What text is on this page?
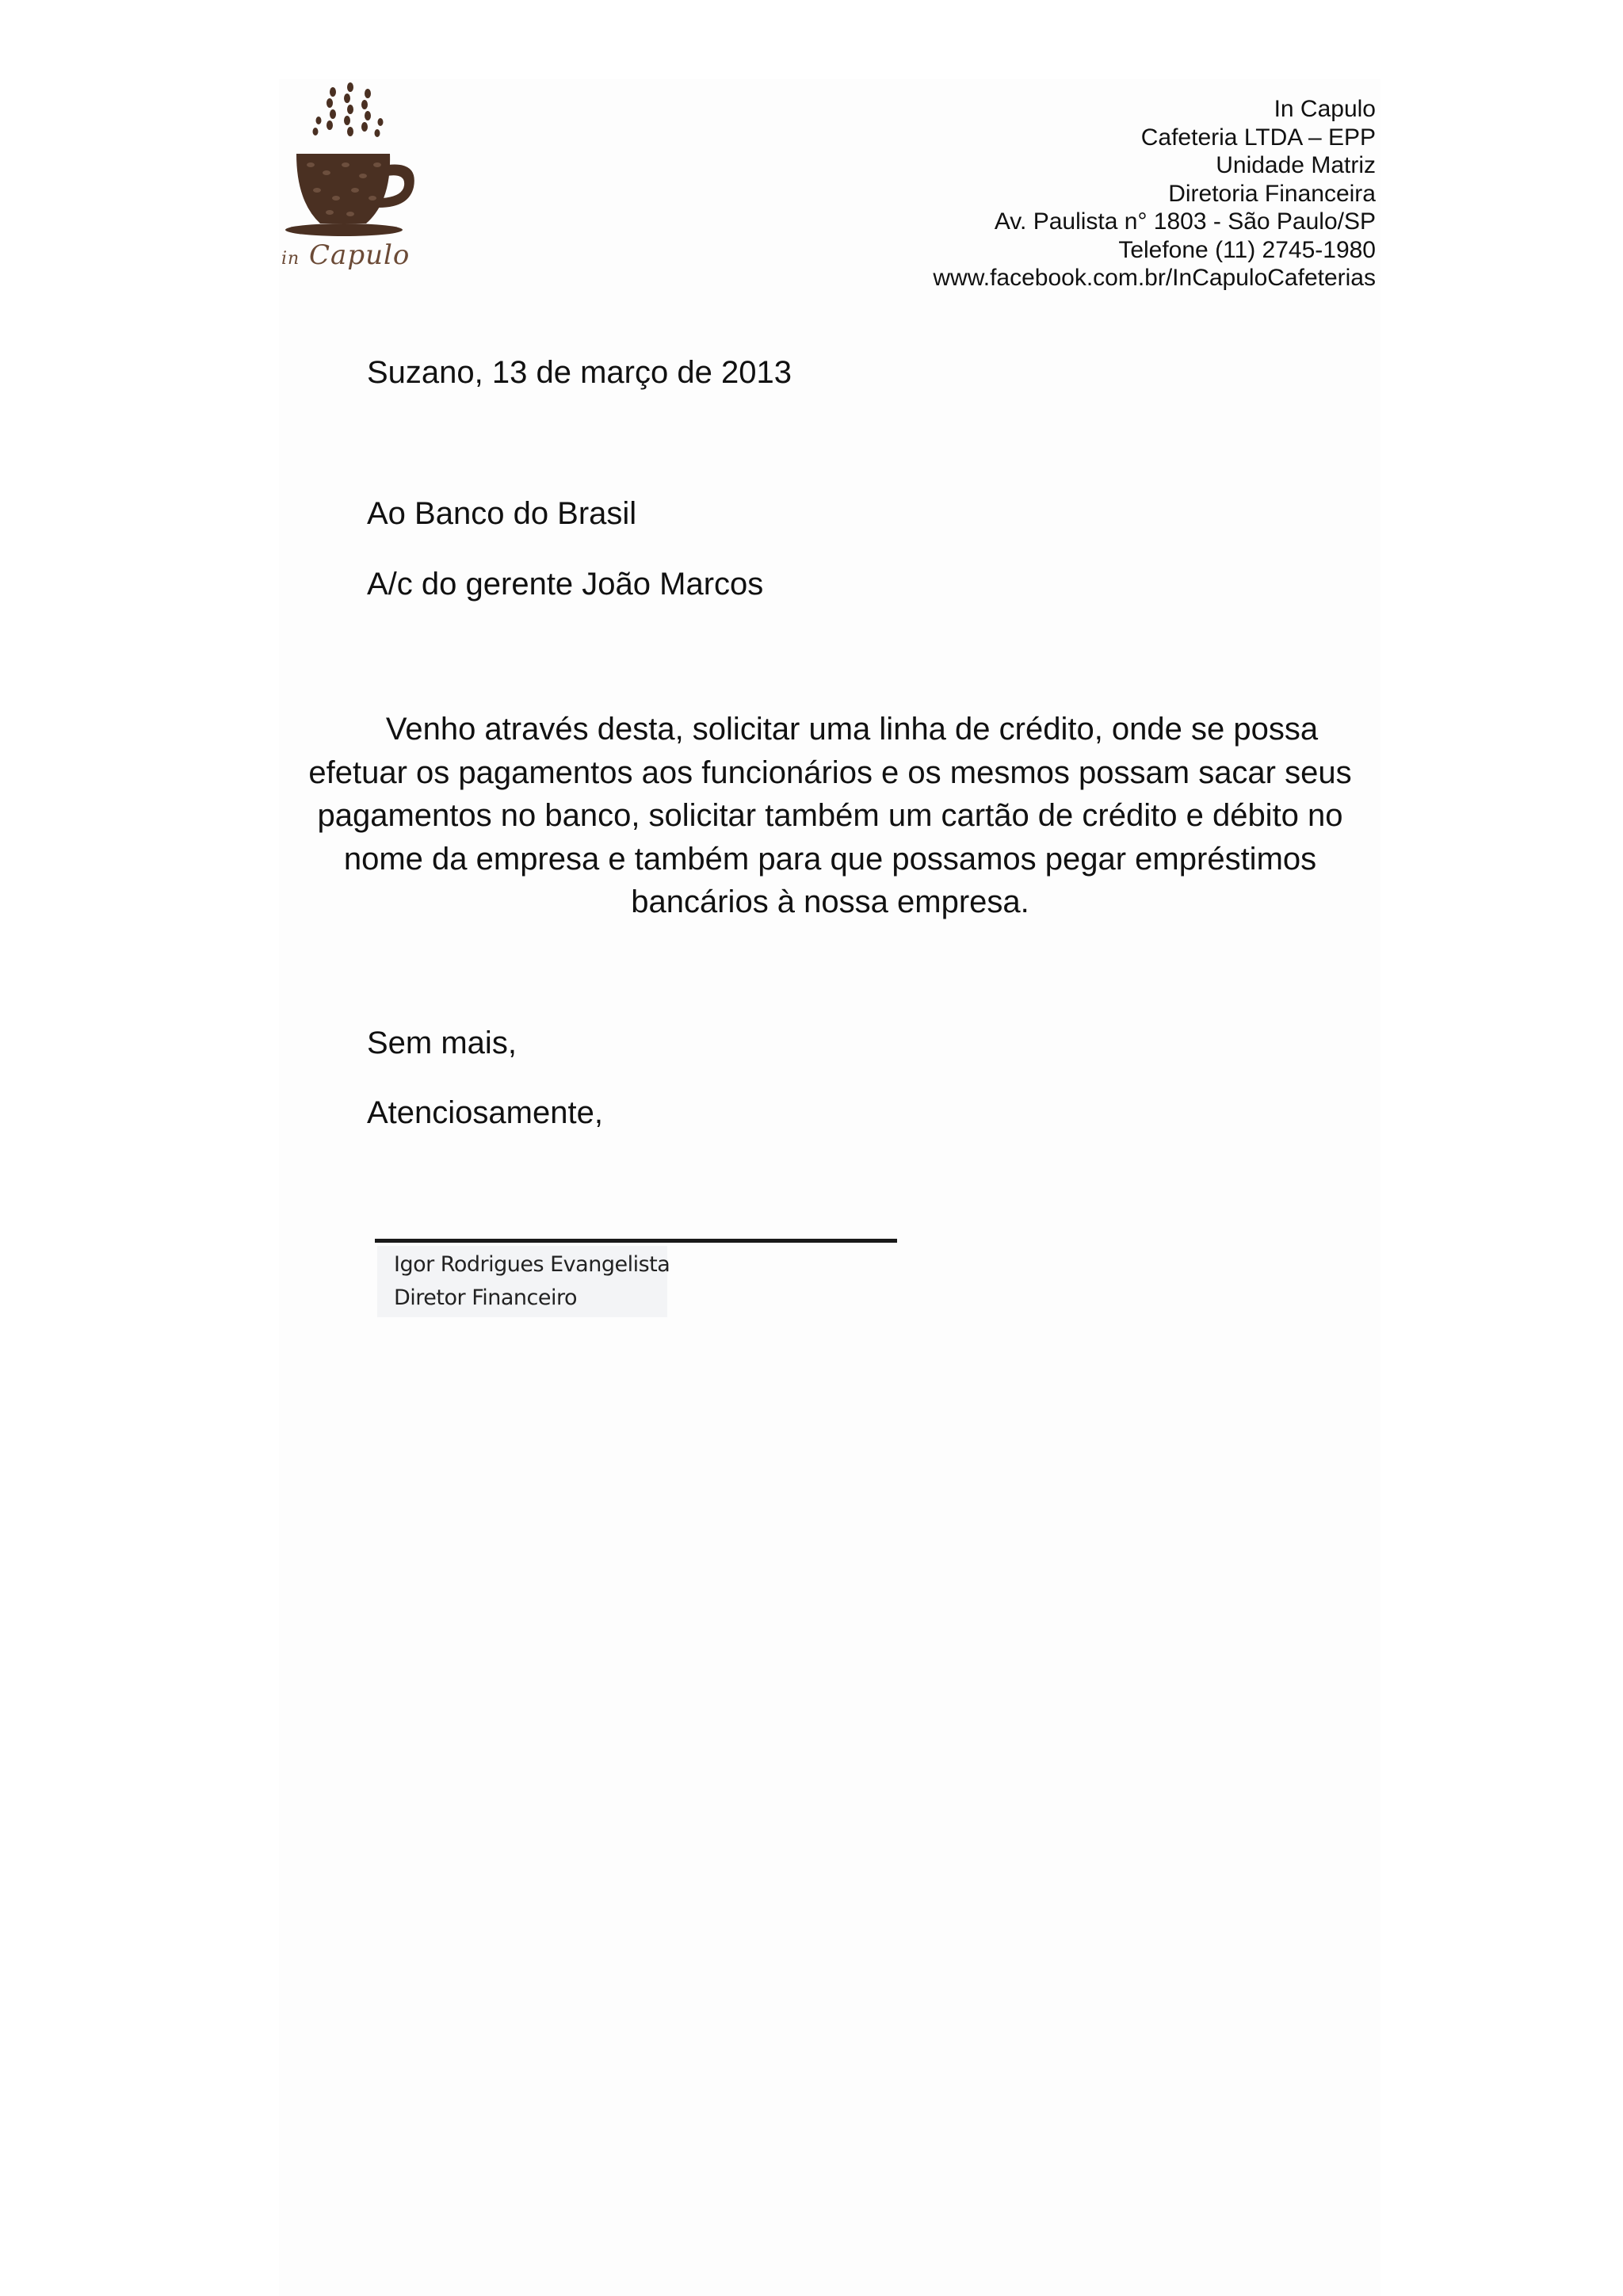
in Capulo
In Capulo
Cafeteria LTDA – EPP
Unidade Matriz
Diretoria Financeira
Av. Paulista n° 1803 - São Paulo/SP
Telefone (11) 2745-1980
www.facebook.com.br/InCapuloCafeterias
Suzano, 13 de março de 2013
Ao Banco do Brasil
A/c do gerente João Marcos
Venho através desta, solicitar uma linha de crédito, onde se possa
efetuar os pagamentos aos funcionários e os mesmos possam sacar seus
pagamentos no banco, solicitar também um cartão de crédito e débito no
nome da empresa e também para que possamos pegar empréstimos
bancários à nossa empresa.
Sem mais,
Atenciosamente,
Igor Rodrigues Evangelista
Diretor Financeiro
